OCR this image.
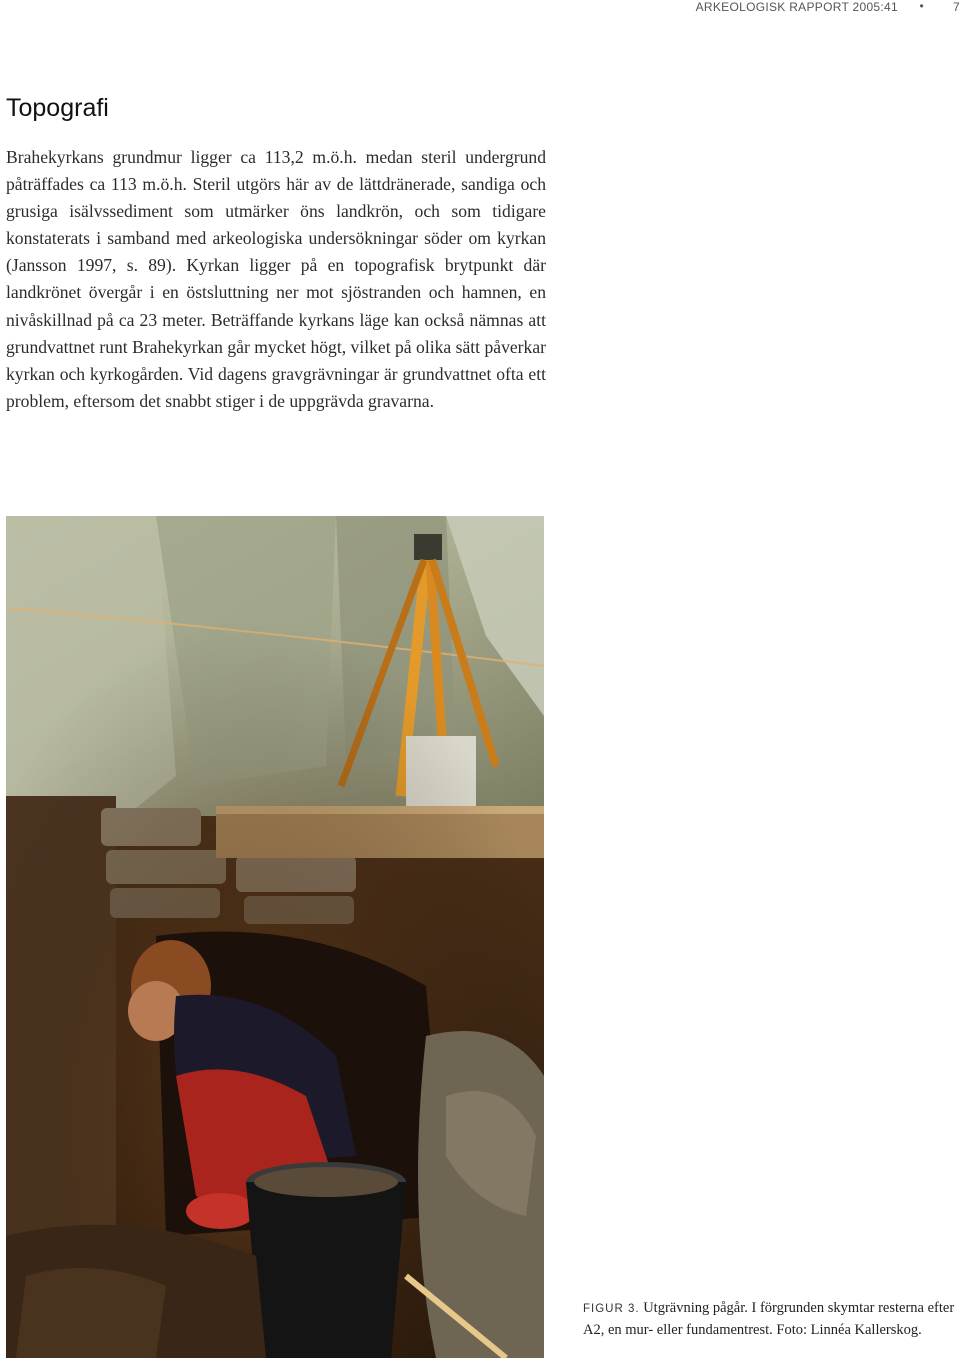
ARKEOLOGISK RAPPORT 2005:41 • 7
Topografi

Brahekyrkans grundmur ligger ca 113,2 m.ö.h. medan steril undergrund påträffades ca 113 m.ö.h. Steril utgörs här av de lättdränerade, sandiga och grusiga isälvssediment som utmärker öns landkrön, och som tidigare konstaterats i samband med arkeologiska undersökningar söder om kyrkan (Jansson 1997, s. 89). Kyrkan ligger på en topografisk brytpunkt där landkrönet övergår i en östsluttning ner mot sjöstranden och hamnen, en nivåskillnad på ca 23 meter. Beträffande kyrkans läge kan också nämnas att grundvattnet runt Brahekyrkan går mycket högt, vilket på olika sätt påverkar kyrkan och kyrkogården. Vid dagens gravgrävningar är grundvattnet ofta ett problem, eftersom det snabbt stiger i de uppgrävda gravarna.

FIGUR 3. Utgrävning pågår. I förgrunden skymtar resterna efter A2, en mur- eller fundamentrest. Foto: Linnéa Kallerskog.
